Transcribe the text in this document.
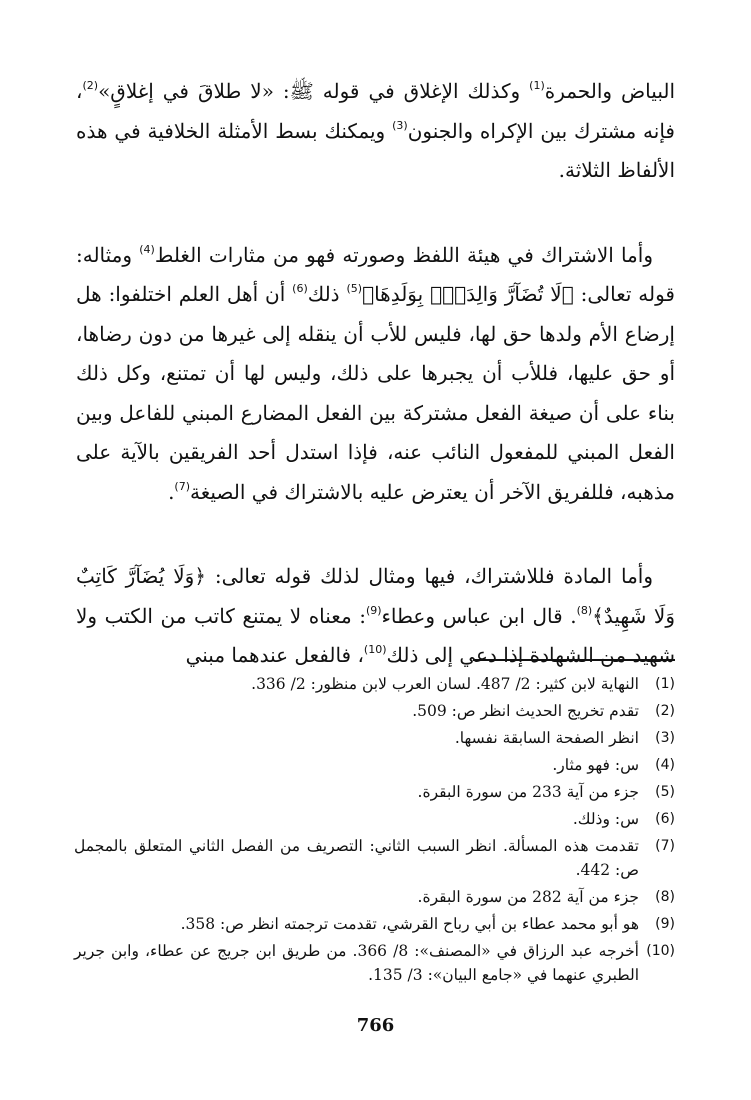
البياض والحمرة$^{(1)}$ وكذلك الإغلاق في قوله ﷺ: «لا طلاقَ في إغلاقٍ»$^{(2)}$، فإنه مشترك بين الإكراه والجنون$^{(3)}$ ويمكنك بسط الأمثلة الخلافية في هذه الألفاظ الثلاثة.

وأما الاشتراك في هيئة اللفظ وصورته فهو من مثارات الغلط$^{(4)}$ ومثاله: قوله تعالى: ﴿لَا تُضَآرَّ وَالِدَةٌۢ بِوَلَدِهَا﴾$^{(5)}$ ذلك$^{(6)}$ أن أهل العلم اختلفوا: هل إرضاع الأم ولدها حق لها، فليس للأب أن ينقله إلى غيرها من دون رضاها، أو حق عليها، فللأب أن يجبرها على ذلك، وليس لها أن تمتنع، وكل ذلك بناء على أن صيغة الفعل مشتركة بين الفعل المضارع المبني للفاعل وبين الفعل المبني للمفعول النائب عنه، فإذا استدل أحد الفريقين بالآية على مذهبه، فللفريق الآخر أن يعترض عليه بالاشتراك في الصيغة$^{(7)}$.

وأما المادة فللاشتراك، فيها ومثال لذلك قوله تعالى: ﴿وَلَا يُضَآرَّ كَاتِبٌ وَلَا شَهِيدٌ﴾$^{(8)}$. قال ابن عباس وعطاء$^{(9)}$: معناه لا يمتنع كاتب من الكتب ولا شهيد من الشهادة إذا دعي إلى ذلك$^{(10)}$، فالفعل عندهما مبني

(1)
النهاية لابن كثير: 2/ 487. لسان العرب لابن منظور: 2/ 336.
(2)
تقدم تخريج الحديث انظر ص: 509.
(3)
انظر الصفحة السابقة نفسها.
(4)
س: فهو مثار.
(5)
جزء من آية 233 من سورة البقرة.
(6)
س: وذلك.
(7)
تقدمت هذه المسألة. انظر السبب الثاني: التصريف من الفصل الثاني المتعلق بالمجمل ص: 442.
(8)
جزء من آية 282 من سورة البقرة.
(9)
هو أبو محمد عطاء بن أبي رباح القرشي، تقدمت ترجمته انظر ص: 358.
(10)
أخرجه عبد الرزاق في «المصنف»: 8/ 366. من طريق ابن جريج عن عطاء، وابن جرير الطبري عنهما في «جامع البيان»: 3/ 135.
766
